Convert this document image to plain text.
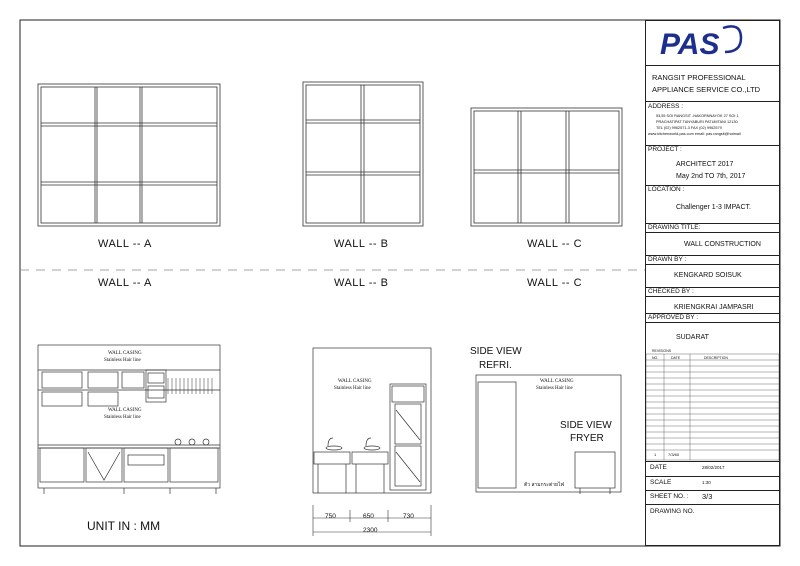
PAS
WALL -- A	WALL -- B	WALL -- C
WALL -- A	WALL -- B	WALL -- C
WALL CASING
Stainless Hair line
WALL CASING
Stainless Hair line
WALL CASING
Stainless Hair line
WALL CASING
Stainless Hair line
SIDE VIEW
REFRI.
SIDE VIEW
FRYER
ตัว สามกระต่ายไฟ
UNIT IN : MM
750	650	730
2300
RANGSIT PROFESSIONAL
APPLIANCE SERVICE CO.,LTD
ADDRESS :
53,55 SOI RANGSIT -NAKORNNAYOK 27 SOI 1
PRACHATIPAT TANYABURI PATUMTANI 12130
TEL (02) 9962571-3 FAX (02) 9962579
www.kitchenworld-pas.com email: pas.rangsit@hotmail
PROJECT :
ARCHITECT 2017
May 2nd TO 7th, 2017
LOCATION :
Challenger 1-3 IMPACT.
DRAWING TITLE:
WALL CONSTRUCTION
DRAWN BY :
KENGKARD SOISUK
CHECKED BY :
KRIENGKRAI JAMPASRI
APPROVED BY :
SUDARAT
REVISIONS
NO.	DATE	DESCRIPTION
1	7/3/60
DATE	28/02/2017
SCALE	1:30
SHEET NO. : 3/3
DRAWING NO.
